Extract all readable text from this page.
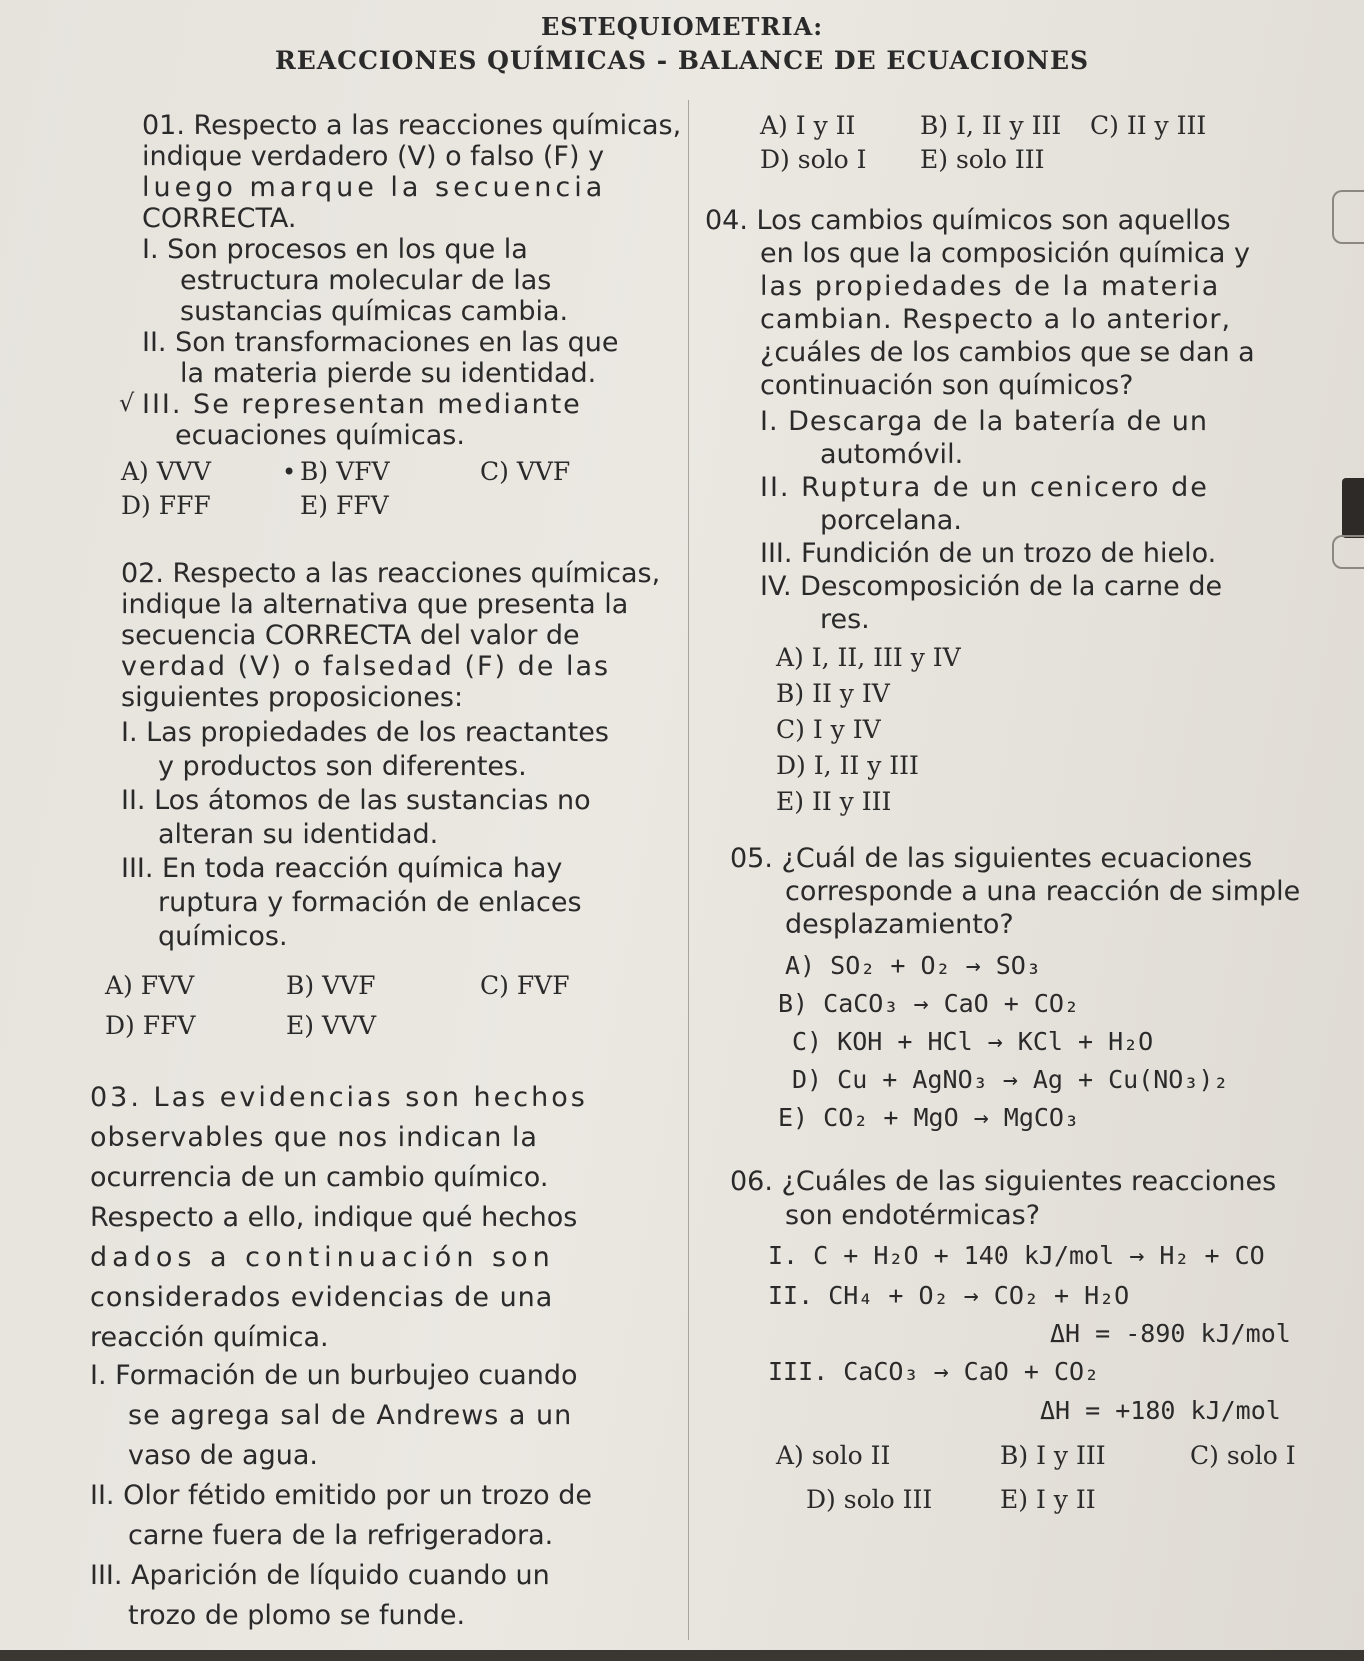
ESTEQUIOMETRIA:
REACCIONES QUÍMICAS - BALANCE DE ECUACIONES
01. Respecto a las reacciones químicas,
indique verdadero (V) o falso (F) y
luego marque la secuencia
CORRECTA.
I. Son procesos en los que la
estructura molecular de las
sustancias químicas cambia.
II. Son transformaciones en las que
la materia pierde su identidad.
√ III. Se representan mediante
ecuaciones químicas.
A) VVV	• B) VFV	C) VVF
D) FFF	E) FFV
02. Respecto a las reacciones químicas,
indique la alternativa que presenta la
secuencia CORRECTA del valor de
verdad (V) o falsedad (F) de las
siguientes proposiciones:
I. Las propiedades de los reactantes
y productos son diferentes.
II. Los átomos de las sustancias no
alteran su identidad.
III. En toda reacción química hay
ruptura y formación de enlaces
químicos.
A) FVV	B) VVF	C) FVF
D) FFV	E) VVV
03. Las evidencias son hechos
observables que nos indican la
ocurrencia de un cambio químico.
Respecto a ello, indique qué hechos
dados a continuación son
considerados evidencias de una
reacción química.
I. Formación de un burbujeo cuando
se agrega sal de Andrews a un
vaso de agua.
II. Olor fétido emitido por un trozo de
carne fuera de la refrigeradora.
III. Aparición de líquido cuando un
trozo de plomo se funde.
A) I y II	B) I, II y III C) II y III
D) solo I E) solo III
04. Los cambios químicos son aquellos
en los que la composición química y
las propiedades de la materia
cambian. Respecto a lo anterior,
¿cuáles de los cambios que se dan a
continuación son químicos?
I. Descarga de la batería de un
automóvil.
II. Ruptura de un cenicero de
porcelana.
III. Fundición de un trozo de hielo.
IV. Descomposición de la carne de
res.
A) I, II, III y IV
B) II y IV
C) I y IV
D) I, II y III
E) II y III
05. ¿Cuál de las siguientes ecuaciones
corresponde a una reacción de simple
desplazamiento?
A) SO₂ + O₂ → SO₃
B) CaCO₃ → CaO + CO₂
C) KOH + HCl → KCl + H₂O
D) Cu + AgNO₃ → Ag + Cu(NO₃)₂
E) CO₂ + MgO → MgCO₃
06. ¿Cuáles de las siguientes reacciones
son endotérmicas?
I. C + H₂O + 140 kJ/mol → H₂ + CO
II. CH₄ + O₂ → CO₂ + H₂O
ΔH = -890 kJ/mol
III. CaCO₃ → CaO + CO₂
ΔH = +180 kJ/mol
A) solo II	B) I y III	C) solo I
D) solo III	E) I y II
